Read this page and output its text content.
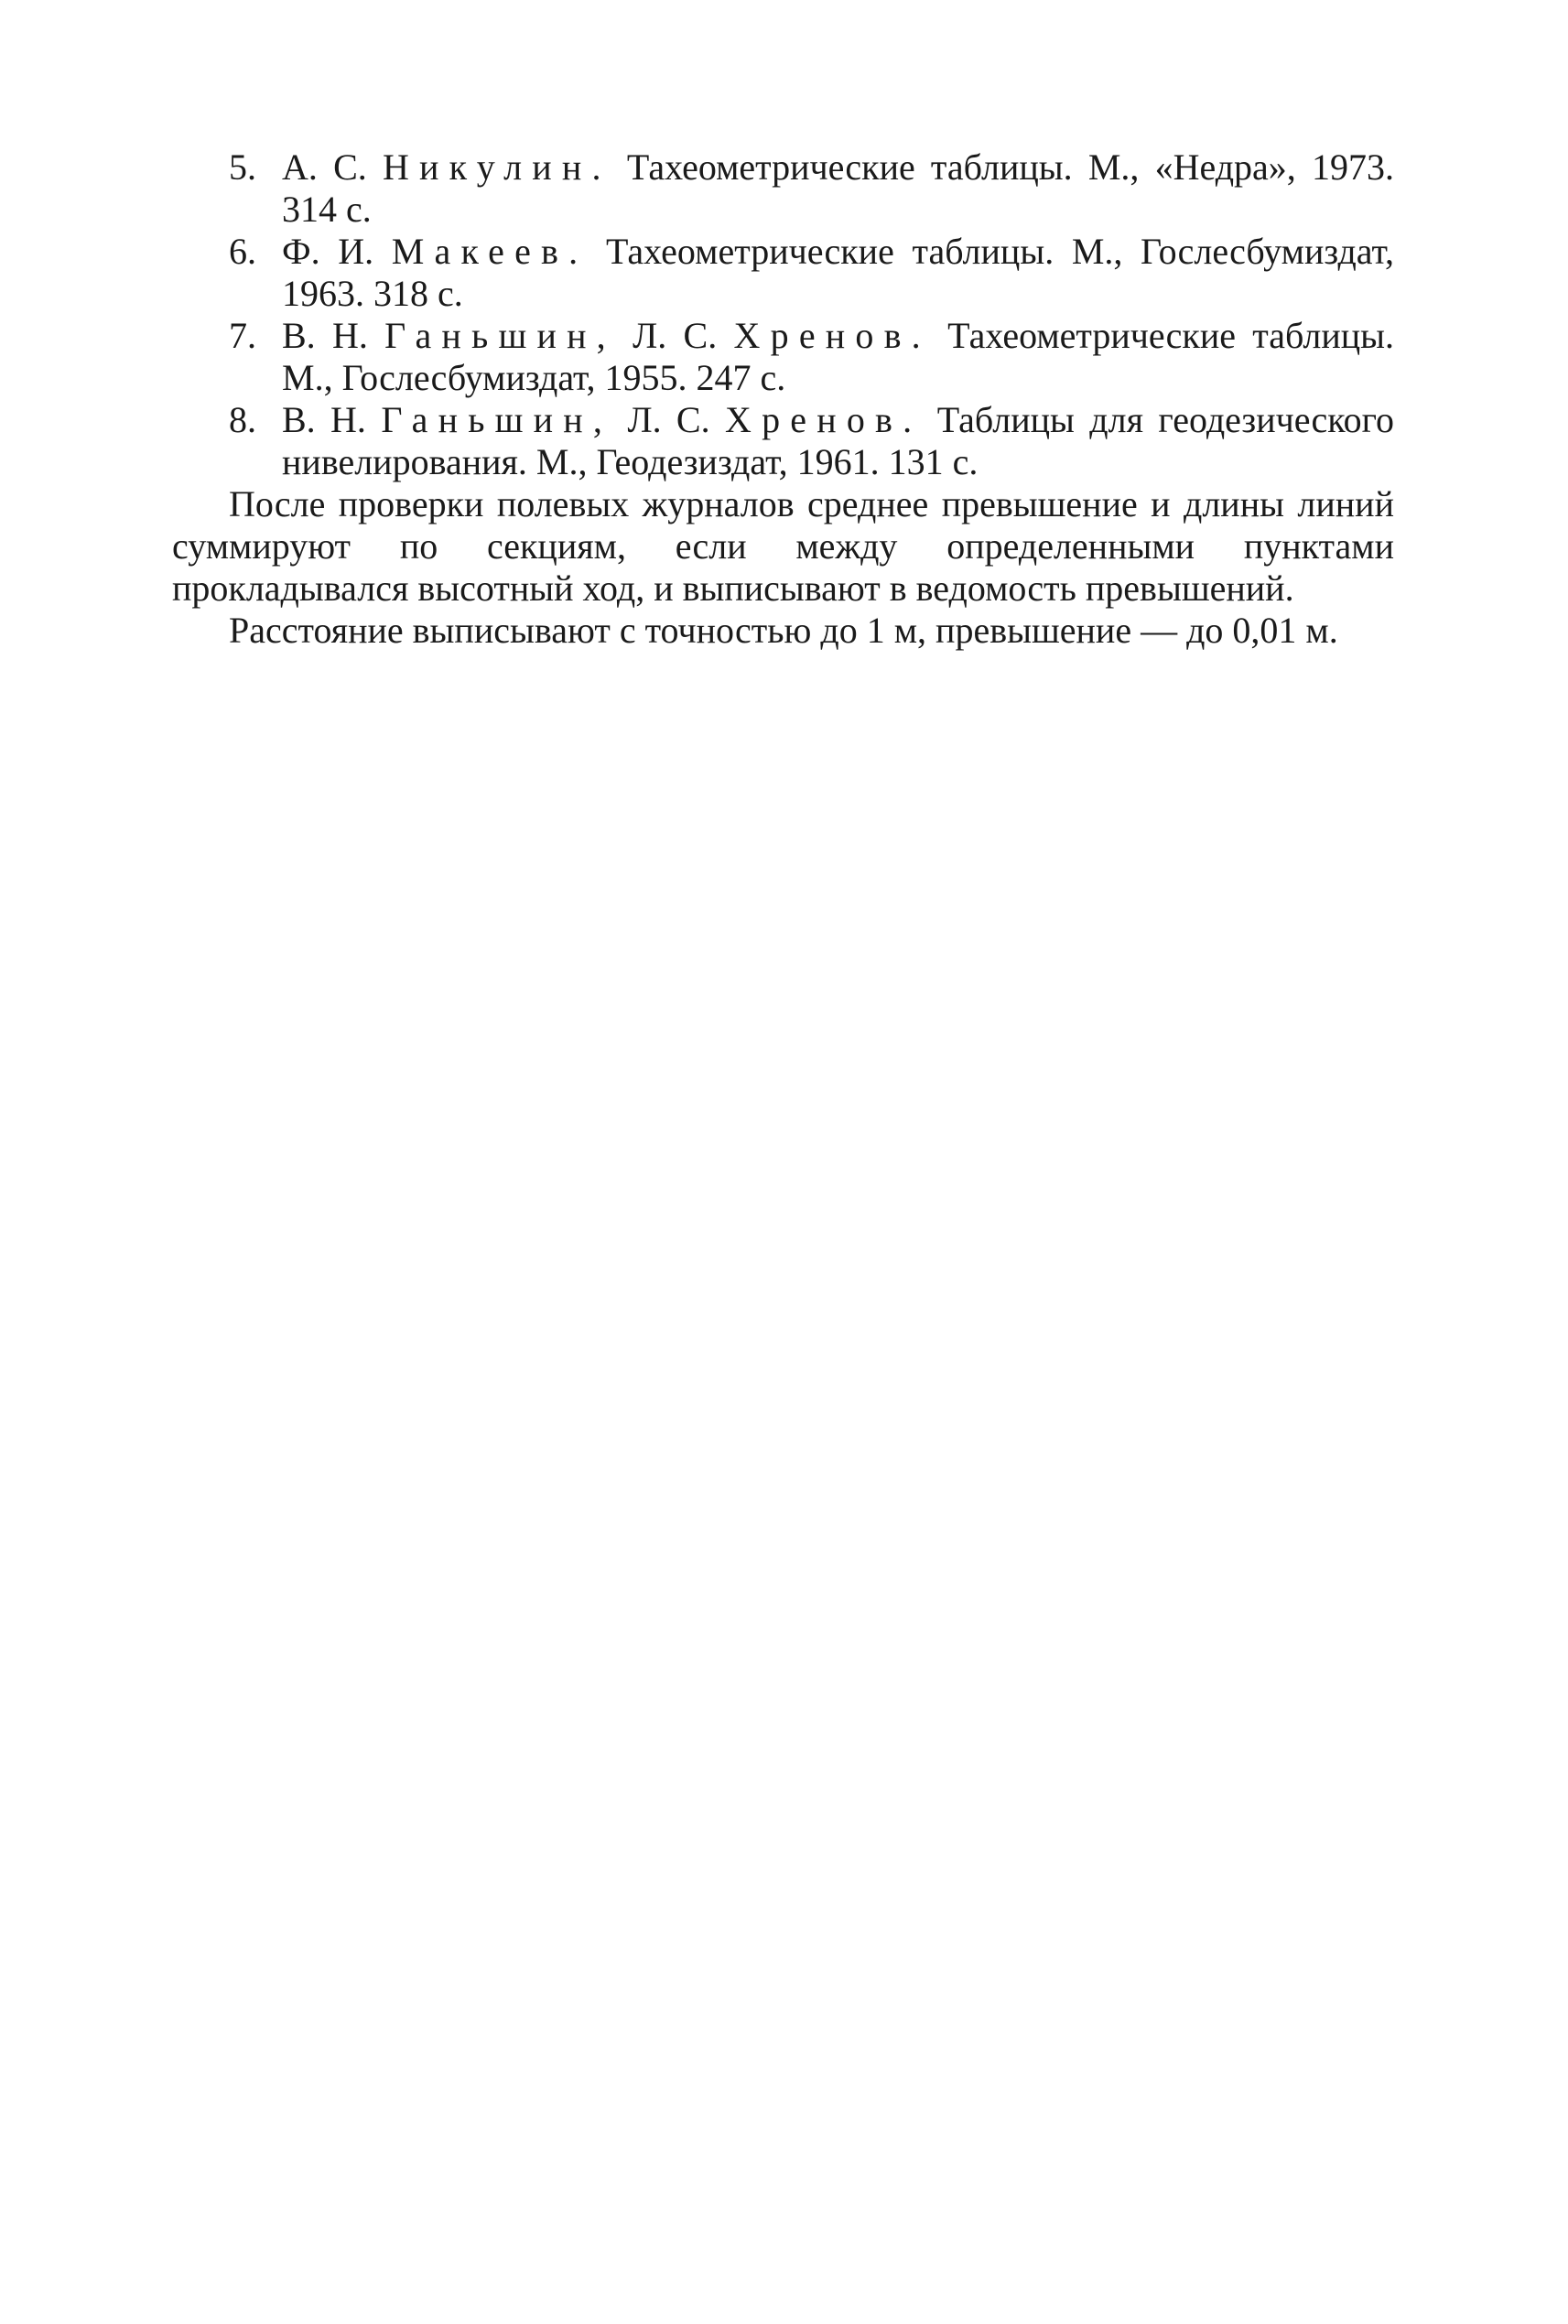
5. А. С. Никулин. Тахеометрические таблицы. М., «Недра», 1973. 314 с.
6. Ф. И. Макеев. Тахеометрические таблицы. М., Гослесбумиздат, 1963. 318 с.
7. В. Н. Ганьшин, Л. С. Хренов. Тахеометрические таблицы. М., Гослесбумиздат, 1955. 247 с.
8. В. Н. Ганьшин, Л. С. Хренов. Таблицы для геодезического нивелирования. М., Геодезиздат, 1961. 131 с.

После проверки полевых журналов среднее превышение и длины линий суммируют по секциям, если между определенными пунктами прокладывался высотный ход, и выписывают в ведомость превышений.

Расстояние выписывают с точностью до 1 м, превышение — до 0,01 м.
